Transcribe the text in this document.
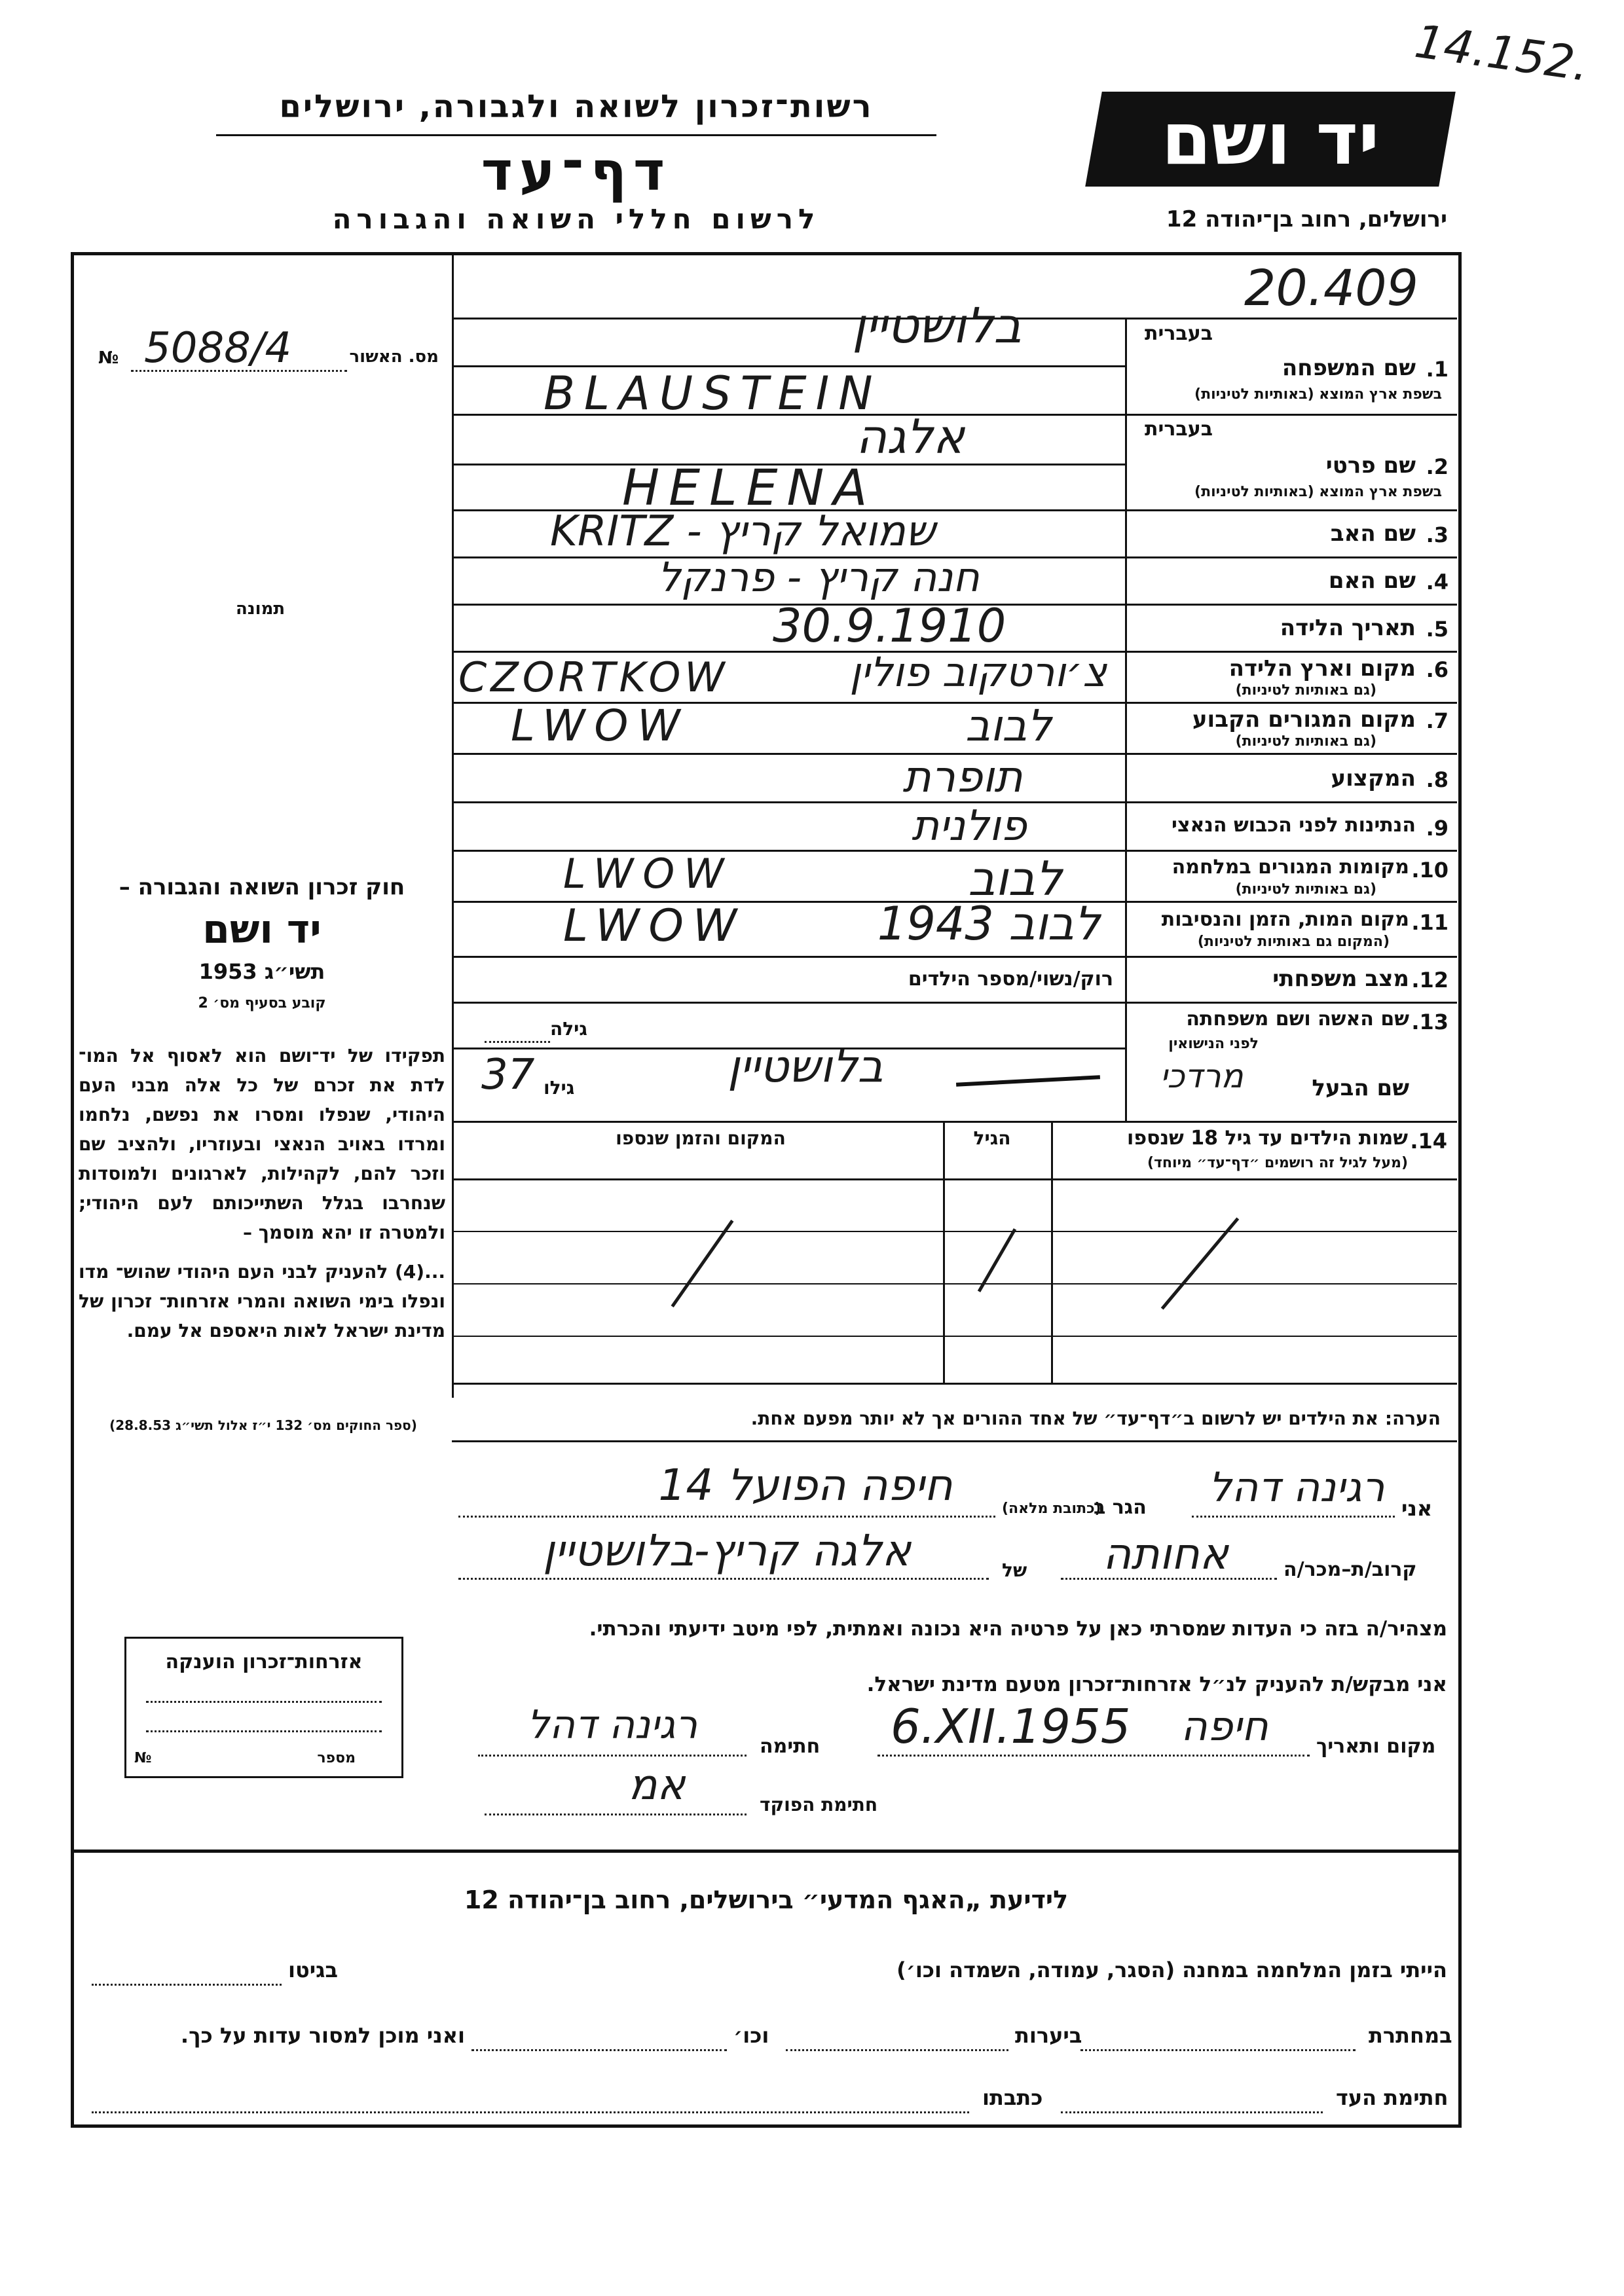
14.152.
יד ושם
ירושלים, רחוב בן־יהודה 12
רשות־זכרון לשואה ולגבורה, ירושלים
דף־עד
לרשום חללי השואה והגבורה
20.409
מס. האשור
5088/4
№
תמונה
חוק זכרון השואה והגבורה –
יד ושם
תשי״ג 1953
קובע בסעיף מס׳ 2
תפקידו של יד־ושם הוא לאסוף אל המו־ לדת את זכרם של כל אלה מבני העם היהודי, שנפלו ומסרו את נפשם, נלחמו ומרדו באויב הנאצי ובעוזריו, ולהציב שם וזכר להם, לקהילות, לארגונים ולמוסדות שנחרבו בגלל השתייכותם לעם היהודי; ולמטרה זו יהא מוסמך –
...(4) להעניק לבני העם היהודי שהוש־ מדו ונפלו בימי השואה והמרי אזרחות־ זכרון של מדינת ישראל לאות היאספם אל עמם.
(ספר החוקים מס׳ 132 י״ז אלול תשי״ג 28.8.53)
בעברית
1.
שם המשפחה
בשפת ארץ המוצא (באותיות לטיניות)
בלושטיין
BLAUSTEIN
בעברית
2.
שם פרטי
בשפת ארץ המוצא (באותיות לטיניות)
אלגה
HELENA
3.
שם האב
שמואל קריץ - KRITZ
4.
שם האם
חנה קריץ - פרנקל
5.
תאריך הלידה
30.9.1910
6.
מקום וארץ הלידה
(גם באותיות לטיניות)
CZORTKOW	צ׳ורטקוב פולין
7.
מקום המגורים הקבוע
(גם באותיות לטיניות)
LWOW	לבוב
8.
המקצוע
תופרת
9.
הנתינות לפני הכבוש הנאצי
פולנית
10.
מקומות המגורים במלחמה
(גם באותיות לטיניות)
LWOW	לבוב
11.
מקום המות, הזמן והנסיבות
(המקום גם באותיות לטיניות)
LWOW	לבוב 1943
12.
מצב משפחתי
רוק/נשוי/מספר הילדים
13.
שם האשה ושם משפחתה
לפני הנישואין
שם הבעל
גילה
גילו
37	בלושטיין	מרדכי
14.
שמות הילדים עד גיל 18 שנספו
(מעל לגיל זה רושמים ״דף־עד״ מיוחד)
הגיל
המקום והזמן שנספו
הערה: את הילדים יש לרשום ב״דף־עד״ של אחד ההורים אך לא יותר מפעם אחת.
אני
רגינה דהל
הגר ב
(כתובת מלאה)
חיפה הפועל 14
קרוב/ת–מכר/ה
אחותה
של
אלגה קריץ-בלושטיין
מצהיר/ה בזה כי העדות שמסרתי כאן על פרטיה היא נכונה ואמתית, לפי מיטב ידיעתי והכרתי.
אני מבקש/ת להעניק לנ״ל אזרחות־זכרון מטעם מדינת ישראל.
מקום ותאריך
חיפה
6.XII.1955
חתימה
רגינה דהל
חתימת הפוקד
אמ
אזרחות־זכרון הוענקה
מספר
№
לידיעת „האגף המדעי״ בירושלים, רחוב בן־יהודה 12
הייתי בזמן המלחמה במחנה (הסגר, עמודה, השמדה וכו׳)
בגיטו
במחתרת
ביערות
וכו׳
ואני מוכן למסור עדות על כך.
חתימת העד
כתבתו
